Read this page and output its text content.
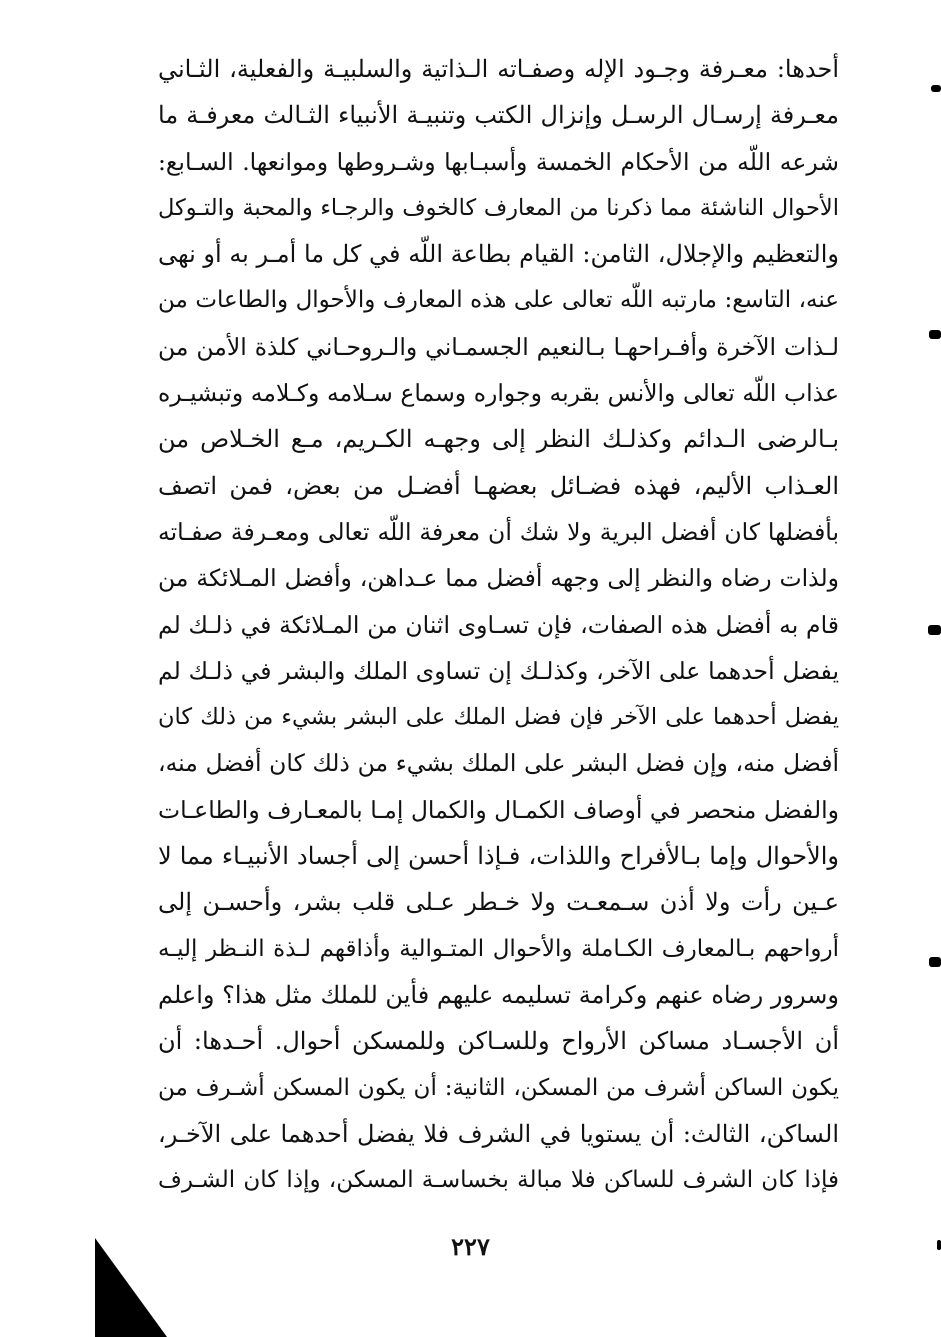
أحدها: معـرفة وجـود الإله وصفـاته الـذاتية والسلبيـة والفعلية، الثـاني
معـرفة إرسـال الرسـل وإنزال الكتب وتنبيـة الأنبياء الثـالث معرفـة ما
شرعه اللّه من الأحكام الخمسة وأسبـابها وشـروطها وموانعها. السـابع:
الأحوال الناشئة مما ذكرنا من المعارف كالخوف والرجـاء والمحبة والتـوكل
والتعظيم والإجلال، الثامن: القيام بطاعة اللّه في كل ما أمـر به أو نهى
عنه، التاسع: مارتبه اللّه تعالى على هذه المعارف والأحوال والطاعات من
لـذات الآخرة وأفـراحهـا بـالنعيم الجسمـاني والـروحـاني كلذة الأمن من
عذاب اللّه تعالى والأنس بقربه وجواره وسماع سـلامه وكـلامه وتبشيـره
بـالرضى الـدائم وكذلـك النظر إلى وجهـه الكـريم، مـع الخـلاص من
العـذاب الأليم، فهذه فضـائل بعضهـا أفضـل من بعض، فمن اتصف
بأفضلها كان أفضل البرية ولا شك أن معرفة اللّه تعالى ومعـرفة صفـاته
ولذات رضاه والنظر إلى وجهه أفضل مما عـداهن، وأفضل المـلائكة من
قام به أفضل هذه الصفات، فإن تسـاوى اثنان من المـلائكة في ذلـك لم
يفضل أحدهما على الآخر، وكذلـك إن تساوى الملك والبشر في ذلـك لم
يفضل أحدهما على الآخر فإن فضل الملك على البشر بشيء من ذلك كان
أفضل منه، وإن فضل البشر على الملك بشيء من ذلك كان أفضل منه،
والفضل منحصر في أوصاف الكمـال والكمال إمـا بالمعـارف والطاعـات
والأحوال وإما بـالأفراح واللذات، فـإذا أحسن إلى أجساد الأنبيـاء مما لا
عـين رأت ولا أذن سـمعـت ولا خـطر عـلى قلب بشر، وأحسـن إلى
أرواحهم بـالمعارف الكـاملة والأحوال المتـوالية وأذاقهم لـذة النـظر إليـه
وسرور رضاه عنهم وكرامة تسليمه عليهم فأين للملك مثل هذا؟ واعلم
أن الأجسـاد مساكن الأرواح وللسـاكن وللمسكن أحوال. أحـدها: أن
يكون الساكن أشرف من المسكن، الثانية: أن يكون المسكن أشـرف من
الساكن، الثالث: أن يستويا في الشرف فلا يفضل أحدهما على الآخـر،
فإذا كان الشرف للساكن فلا مبالة بخساسـة المسكن، وإذا كان الشـرف
٢٢٧
